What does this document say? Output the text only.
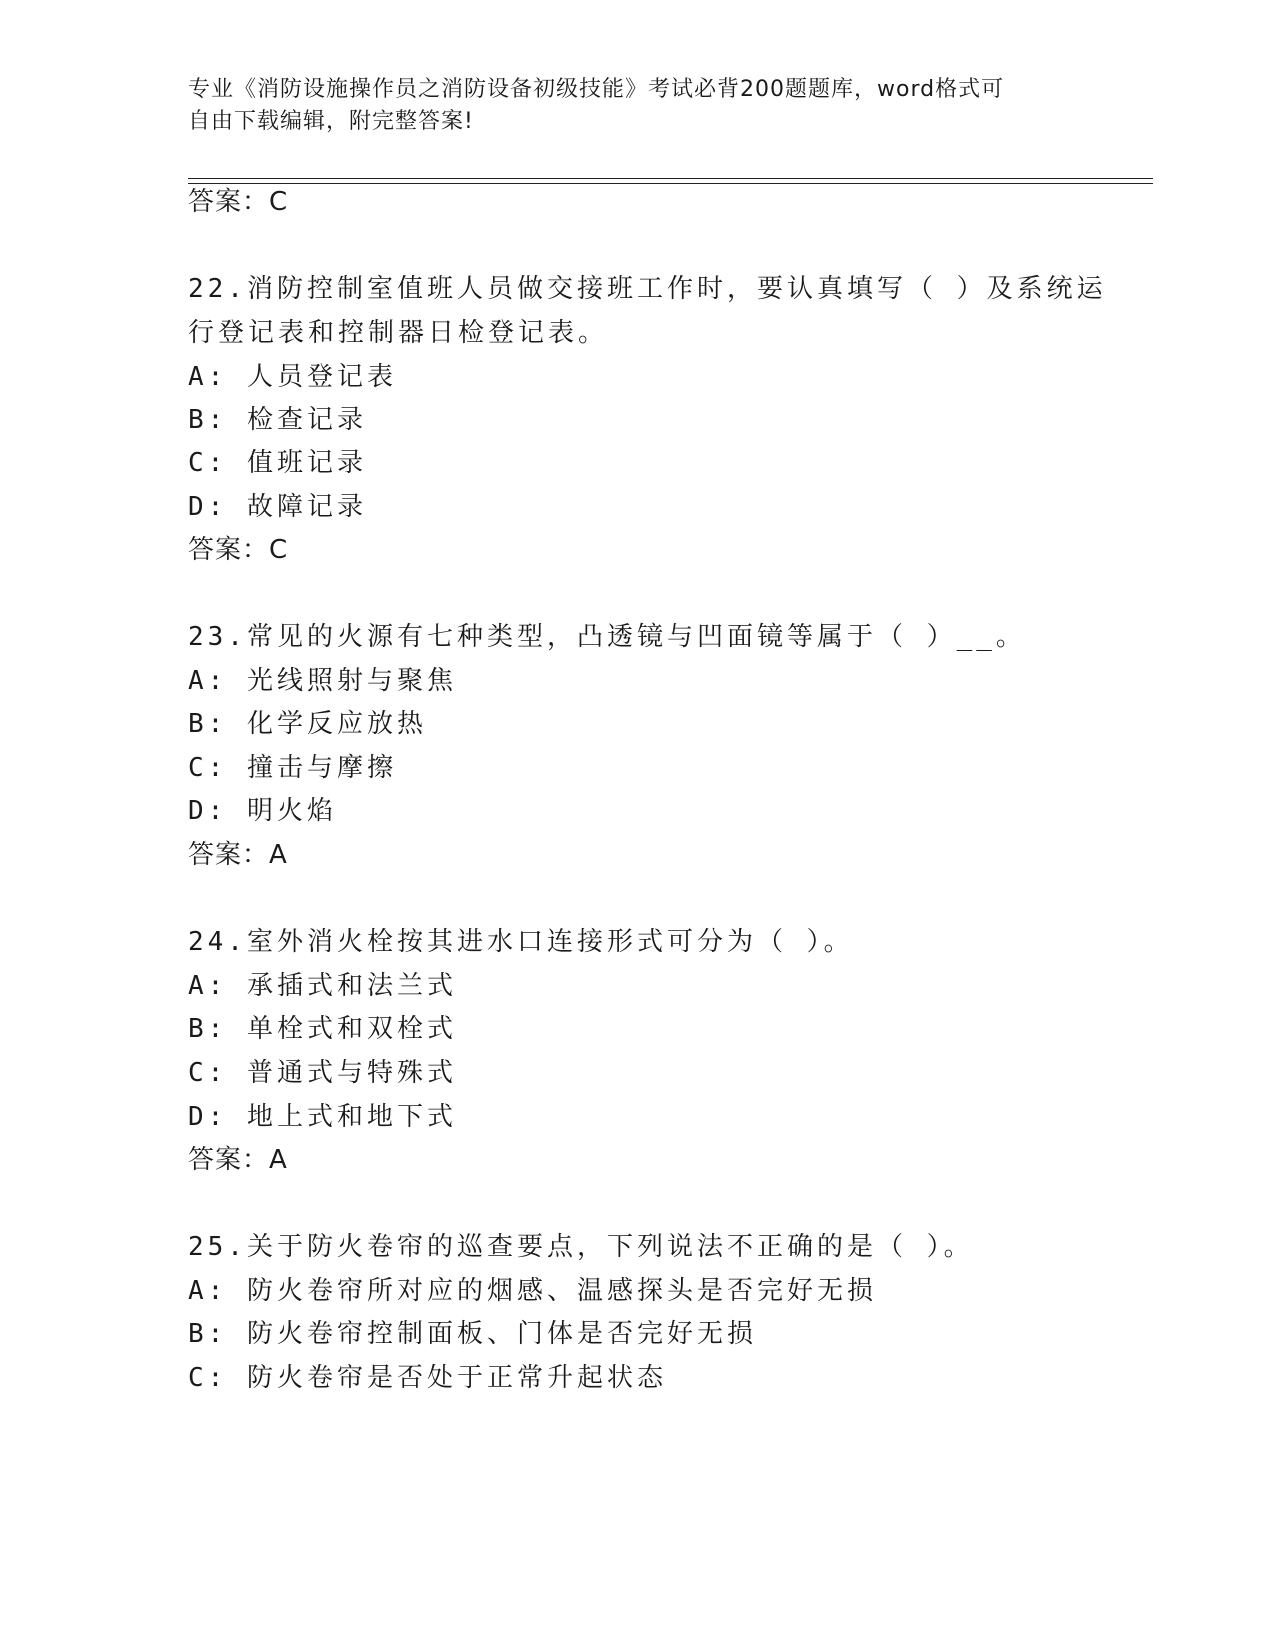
专业《消防设施操作员之消防设备初级技能》考试必背200题题库，word格式可
自由下载编辑，附完整答案!
答案：C
22.消防控制室值班人员做交接班工作时，要认真填写（ ）及系统运
行登记表和控制器日检登记表。
A: 人员登记表
B: 检查记录
C: 值班记录
D: 故障记录
答案：C
23.常见的火源有七种类型，凸透镜与凹面镜等属于（ ）__。
A: 光线照射与聚焦
B: 化学反应放热
C: 撞击与摩擦
D: 明火焰
答案：A
24.室外消火栓按其进水口连接形式可分为（ ）。
A: 承插式和法兰式
B: 单栓式和双栓式
C: 普通式与特殊式
D: 地上式和地下式
答案：A
25.关于防火卷帘的巡查要点，下列说法不正确的是（ ）。
A: 防火卷帘所对应的烟感、温感探头是否完好无损
B: 防火卷帘控制面板、门体是否完好无损
C: 防火卷帘是否处于正常升起状态
